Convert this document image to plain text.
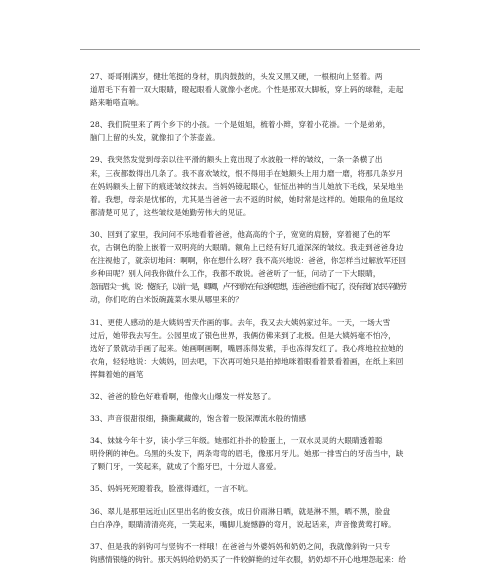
27、哥哥刚满岁，健壮笔挺的身材，肌肉鼓鼓的，头发又黑又硬，一根根向上竖着。两

道眉毛下有着一双大眼睛，瞪起眼看人就像小老虎。个性是那双大脚板，穿上码的球鞋，走起

路来啪嗒直响。

28、我们院里来了两个乡下的小孩。一个是姐姐，梳着小辫，穿着小花褂。一个是弟弟，

脑门上留的头发，就像扣了个茶壶盖。

29、我突然发觉到母亲以往平滑的额头上竟出现了水波般一样的皱纹，一条一条横了出

来，三夜都数得出几条了。我不喜欢皱纹，恨不得用手在她额头上用力磨一磨，将那几条岁月

在妈妈额头上留下的痕迹皱纹抹去。当妈妈镜起眼心，怔怔出神的当儿她放下毛线，呆呆地坐

着。我想，母亲是忧郁的，尤其是当爸爸一去不返的时候，她时常是这样的。她眼角的鱼尾纹

都清楚可见了，这些皱纹是她勤劳伟大的见证。

30、回到了家里，我问问不乐地看着爸爸，他高高的个子，宽宽的肩膀，穿着褪了色的军

衣，古铜色的脸上嵌着一双明亮的大眼睛。额角上已经有好几道深深的皱纹。我走到爸爸身边

在注视他了，就亲切地问：啊啊，你在想什么呀？我不高兴地说：爸爸，你怎样当过解放军还回

乡种田呢？别人问我你做什么工作，我都不敢说。爸爸听了一怔，问动了一下大眼睛，

忽而眉尖一挑，说：傻孩子，以前一是，卿卿，卢不到你在有这种思想，连爸爸也看不起了，没有我们农民辛勤劳

动，你们吃的白米饭碗蔬菜水果从哪里来的？

31、更使人感动的是大姨妈雪天作画的事。去年，我又去大姨妈家过年。一天，一场大雪

过后，她带我去写生。公园里成了银色世界，我俩仿佛来到了北极。但是大姨妈毫不怕冷，

选好了景就动手画了起来。她画啊画啊，嘴唇冻得发紫，手也冻得发红了。我心疼地拉拉她的

衣角，轻轻地说：大姨妈，回去吧，下次再可她只是拍掉地咪着眼看着景看着画，在纸上来回

挥舞着她的画笔

32、爸爸的脸色好难看啊，他像火山爆发一样发怒了。

33、声音很甜很细，撕撕藏藏的，饱含着一股深潭流水般的情感

34、妹妹今年十岁，读小学三年级。她那红扑扑的脸蛋上，一双水灵灵的大眼睛透着聪

明伶俐的神色。乌黑的头发下，两条弯弯的眉毛，像那月牙儿。她那一排雪白的牙齿当中，缺

了颗门牙，一笑起来，就成了个豁牙巴，十分逗人喜爱。

35、妈妈死死瞪着我，脸涨得通红，一言不吭。

36、翠儿是那里远近山区里出名的俊女孩，成日价雨淋日晒，就是淋不黑，晒不黑，脸盘

白白净净，眼睛清清亮亮，一笑起来，嘴脚儿旋憾静的弯月，说起话来，声音像黄莺打啼。

37、但是我的斜钩可与竖钩不一样哦！在爸爸与外婆妈妈和奶奶之间，我就像斜钩一只专

钩感情银缝的钩针。那天妈妈给奶奶买了一件较鲜艳的过年衣服，奶奶却不开心地埋怨起来：给
